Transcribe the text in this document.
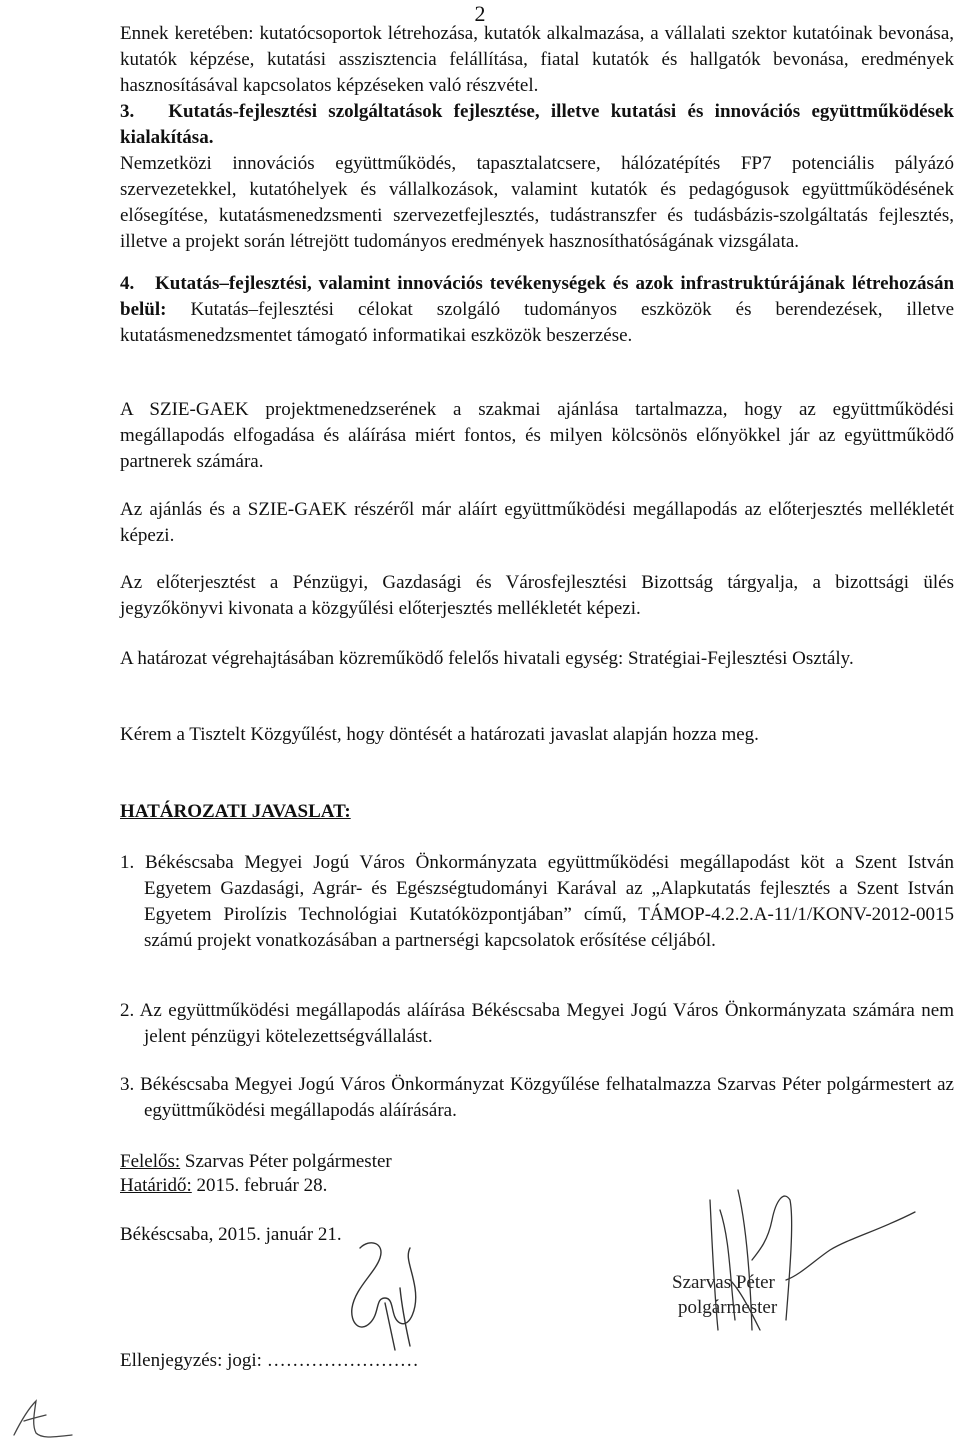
2

Ennek keretében: kutatócsoportok létrehozása, kutatók alkalmazása, a vállalati szektor kutatóinak bevonása, kutatók képzése, kutatási asszisztencia felállítása, fiatal kutatók és hallgatók bevonása, eredmények hasznosításával kapcsolatos képzéseken való részvétel.

3. Kutatás-fejlesztési szolgáltatások fejlesztése, illetve kutatási és innovációs együttműködések kialakítása.

Nemzetközi innovációs együttműködés, tapasztalatcsere, hálózatépítés FP7 potenciális pályázó szervezetekkel, kutatóhelyek és vállalkozások, valamint kutatók és pedagógusok együttműködésének elősegítése, kutatásmenedzsmenti szervezetfejlesztés, tudástranszfer és tudásbázis-szolgáltatás fejlesztés, illetve a projekt során létrejött tudományos eredmények hasznosíthatóságának vizsgálata.

4. Kutatás–fejlesztési, valamint innovációs tevékenységek és azok infrastruktúrájának létrehozásán belül: Kutatás–fejlesztési célokat szolgáló tudományos eszközök és berendezések, illetve kutatásmenedzsmentet támogató informatikai eszközök beszerzése.

A SZIE-GAEK projektmenedzserének a szakmai ajánlása tartalmazza, hogy az együttműködési megállapodás elfogadása és aláírása miért fontos, és milyen kölcsönös előnyökkel jár az együttműködő partnerek számára.

Az ajánlás és a SZIE-GAEK részéről már aláírt együttműködési megállapodás az előterjesztés mellékletét képezi.

Az előterjesztést a Pénzügyi, Gazdasági és Városfejlesztési Bizottság tárgyalja, a bizottsági ülés jegyzőkönyvi kivonata a közgyűlési előterjesztés mellékletét képezi.

A határozat végrehajtásában közreműködő felelős hivatali egység: Stratégiai-Fejlesztési Osztály.

Kérem a Tisztelt Közgyűlést, hogy döntését a határozati javaslat alapján hozza meg.

HATÁROZATI JAVASLAT:
1. Békéscsaba Megyei Jogú Város Önkormányzata együttműködési megállapodást köt a Szent István Egyetem Gazdasági, Agrár- és Egészségtudományi Karával az „Alapkutatás fejlesztés a Szent István Egyetem Pirolízis Technológiai Kutatóközpontjában” című, TÁMOP-4.2.2.A-11/1/KONV-2012-0015 számú projekt vonatkozásában a partnerségi kapcsolatok erősítése céljából.
2. Az együttműködési megállapodás aláírása Békéscsaba Megyei Jogú Város Önkormányzata számára nem jelent pénzügyi kötelezettségvállalást.
3. Békéscsaba Megyei Jogú Város Önkormányzat Közgyűlése felhatalmazza Szarvas Péter polgármestert az együttműködési megállapodás aláírására.
Felelős: Szarvas Péter polgármester
Határidő: 2015. február 28.
Békéscsaba, 2015. január 21.
Ellenjegyzés: jogi: ……………………
Szarvas Péter
polgármester
